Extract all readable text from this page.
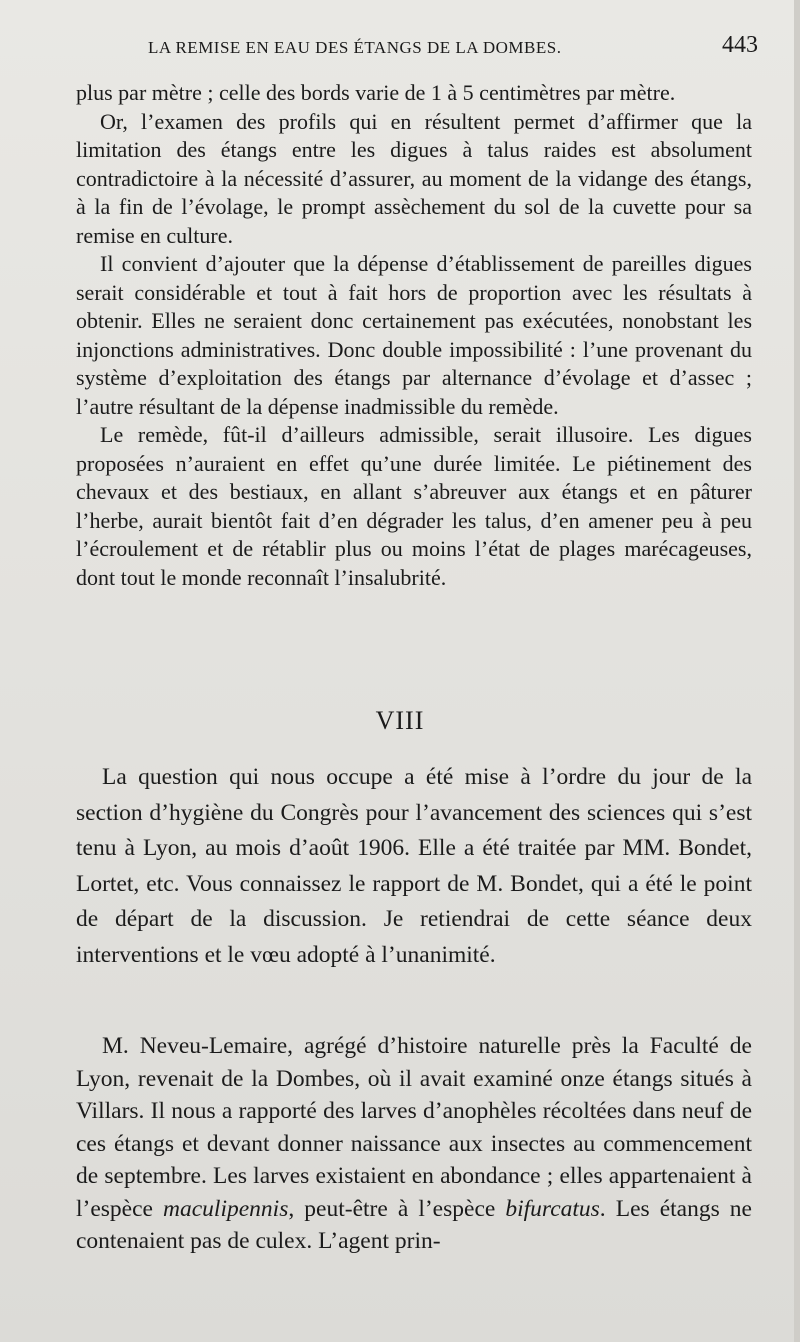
LA REMISE EN EAU DES ÉTANGS DE LA DOMBES.	443

plus par mètre ; celle des bords varie de 1 à 5 centimètres par mètre.

Or, l’examen des profils qui en résultent permet d’affirmer que la limitation des étangs entre les digues à talus raides est absolument contradictoire à la nécessité d’assurer, au moment de la vidange des étangs, à la fin de l’évolage, le prompt assèchement du sol de la cuvette pour sa remise en culture.

Il convient d’ajouter que la dépense d’établissement de pareilles digues serait considérable et tout à fait hors de proportion avec les résultats à obtenir. Elles ne seraient donc certainement pas exécutées, nonobstant les injonctions administratives. Donc double impossibilité : l’une provenant du système d’exploitation des étangs par alternance d’évolage et d’assec ; l’autre résultant de la dépense inadmissible du remède.

Le remède, fût-il d’ailleurs admissible, serait illusoire. Les digues proposées n’auraient en effet qu’une durée limitée. Le piétinement des chevaux et des bestiaux, en allant s’abreuver aux étangs et en pâturer l’herbe, aurait bientôt fait d’en dégrader les talus, d’en amener peu à peu l’écroulement et de rétablir plus ou moins l’état de plages marécageuses, dont tout le monde reconnaît l’insalubrité.

VIII

La question qui nous occupe a été mise à l’ordre du jour de la section d’hygiène du Congrès pour l’avancement des sciences qui s’est tenu à Lyon, au mois d’août 1906. Elle a été traitée par MM. Bondet, Lortet, etc. Vous connaissez le rapport de M. Bondet, qui a été le point de départ de la discussion. Je retiendrai de cette séance deux interventions et le vœu adopté à l’unanimité.

M. Neveu-Lemaire, agrégé d’histoire naturelle près la Faculté de Lyon, revenait de la Dombes, où il avait examiné onze étangs situés à Villars. Il nous a rapporté des larves d’anophèles récoltées dans neuf de ces étangs et devant donner naissance aux insectes au commencement de septembre. Les larves existaient en abondance ; elles appartenaient à l’espèce maculipennis, peut-être à l’espèce bifurcatus. Les étangs ne contenaient pas de culex. L’agent prin-
